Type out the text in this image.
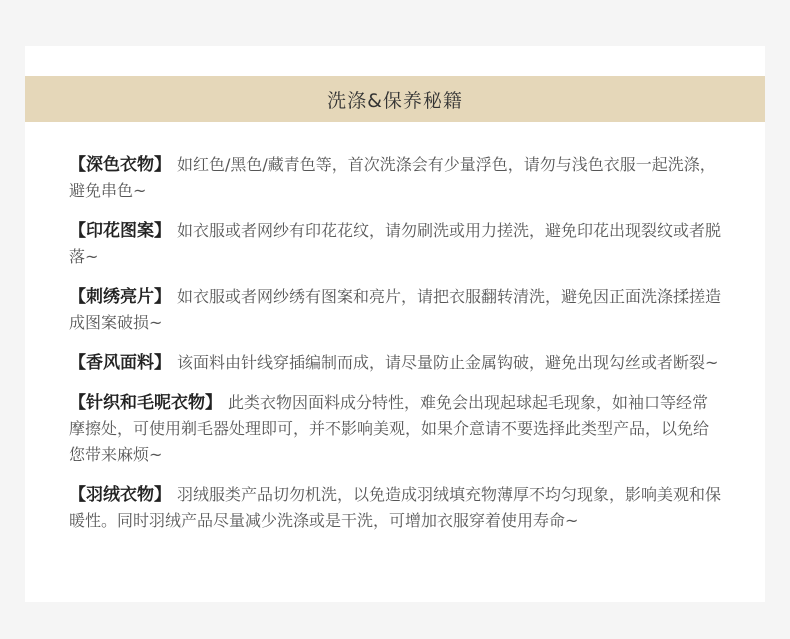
洗涤&保养秘籍
【深色衣物】 如红色/黑色/藏青色等，首次洗涤会有少量浮色，请勿与浅色衣服一起洗涤，避免串色~
【印花图案】 如衣服或者网纱有印花花纹，请勿刷洗或用力搓洗，避免印花出现裂纹或者脱落~
【刺绣亮片】 如衣服或者网纱绣有图案和亮片，请把衣服翻转清洗，避免因正面洗涤揉搓造成图案破损~
【香风面料】 该面料由针线穿插编制而成，请尽量防止金属钩破，避免出现勾丝或者断裂~
【针织和毛呢衣物】 此类衣物因面料成分特性，难免会出现起球起毛现象，如袖口等经常摩擦处，可使用剃毛器处理即可，并不影响美观，如果介意请不要选择此类型产品，以免给您带来麻烦~
【羽绒衣物】 羽绒服类产品切勿机洗，以免造成羽绒填充物薄厚不均匀现象，影响美观和保暖性。同时羽绒产品尽量减少洗涤或是干洗，可增加衣服穿着使用寿命~
